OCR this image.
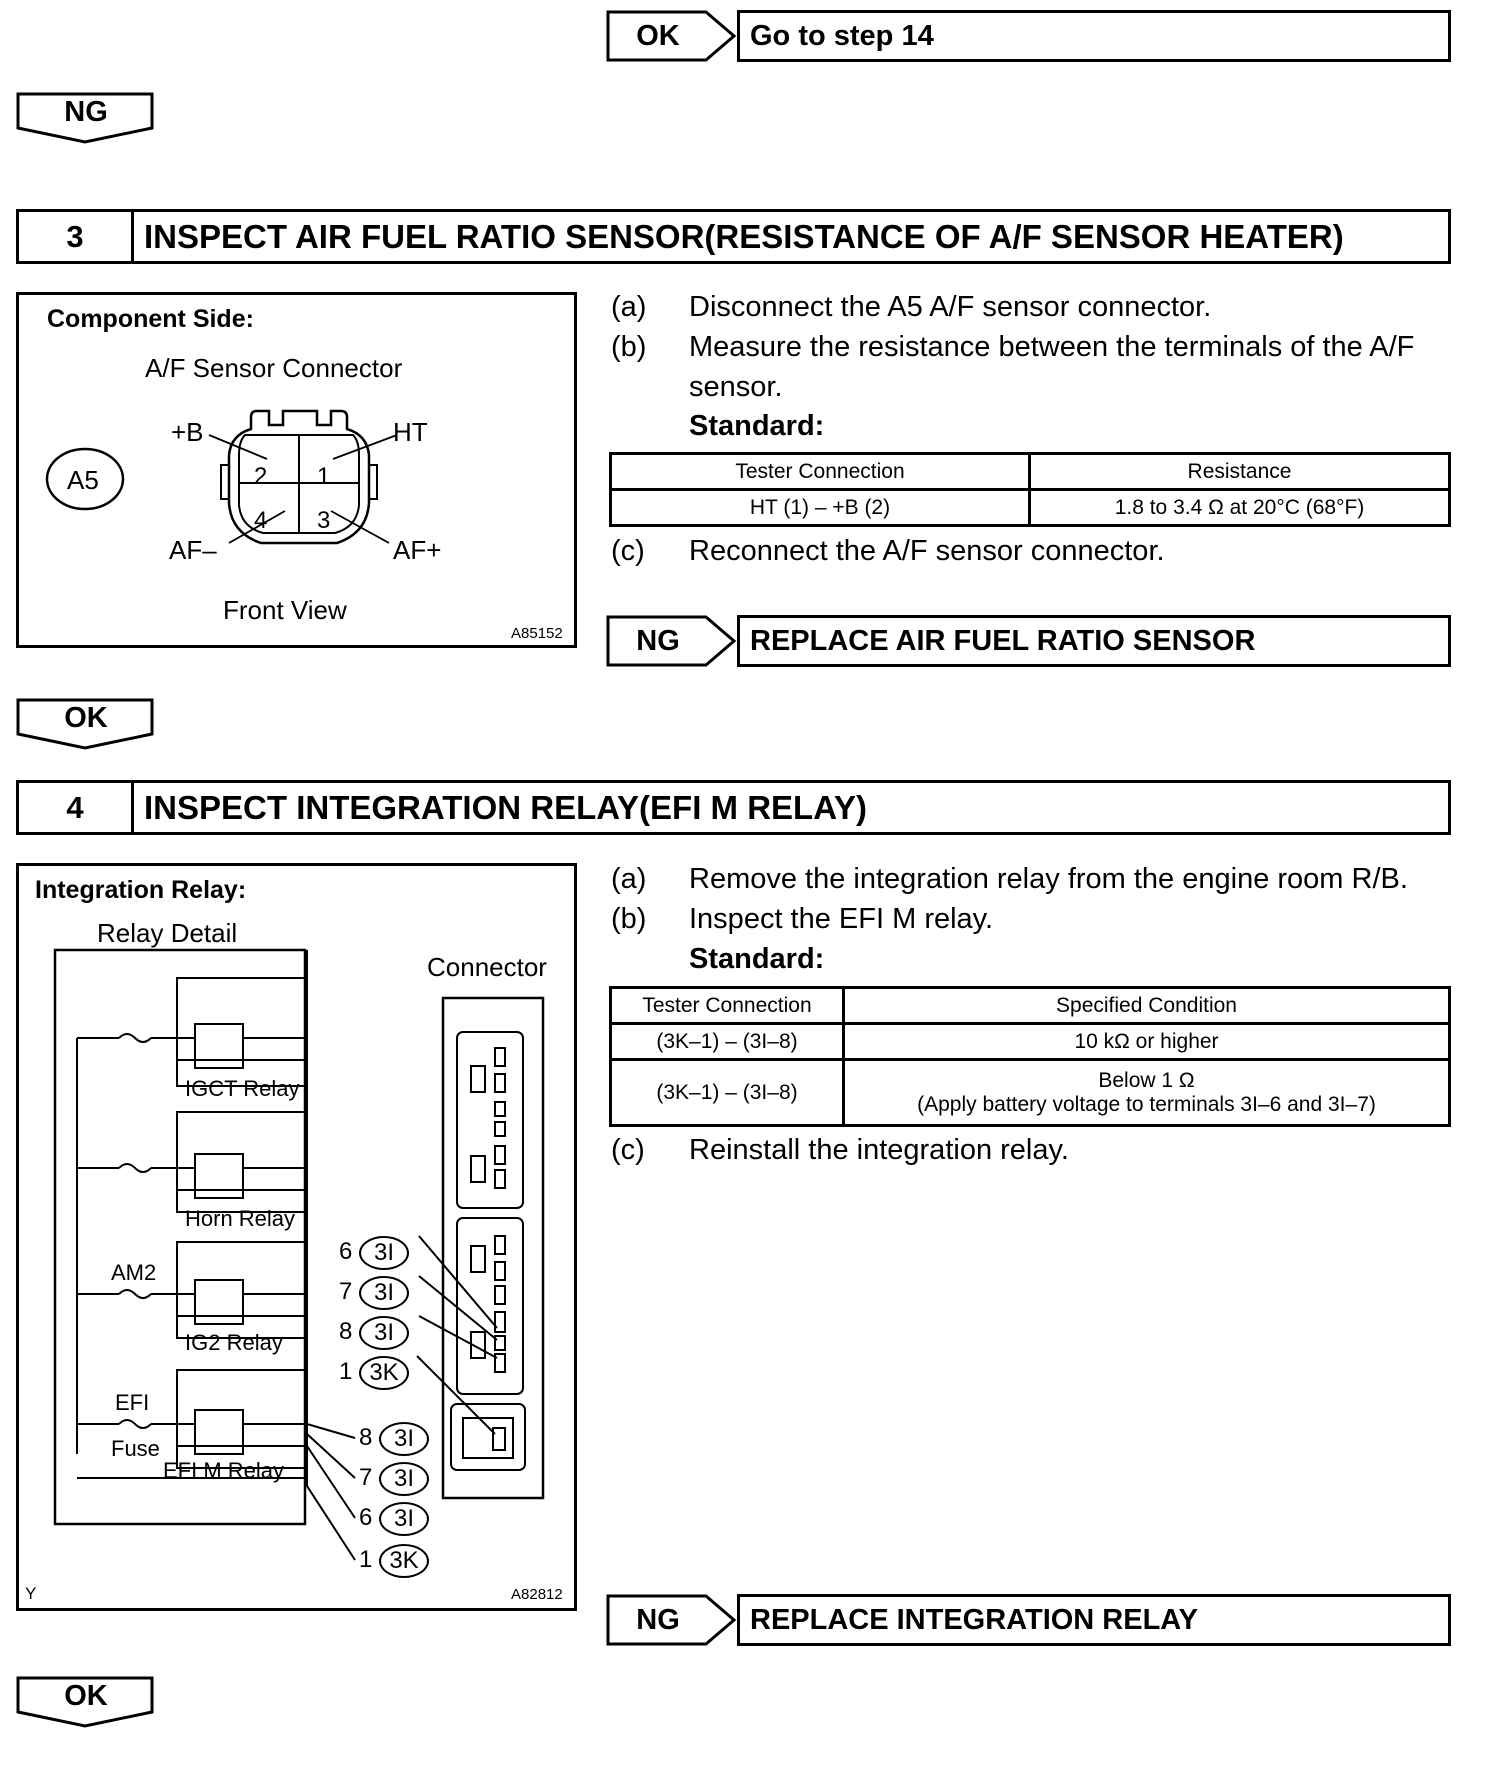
OK	Go to step 14
NG
3	INSPECT AIR FUEL RATIO SENSOR(RESISTANCE OF A/F SENSOR HEATER)
Component Side:
A/F Sensor Connector
A5	2 1
4 3
+B	HT
AF–	AF+
Front View
A85152
(a) Disconnect the A5 A/F sensor connector.
(b) Measure the resistance between the terminals of the A/F
sensor.
Standard:
Tester Connection	Resistance
HT (1) – +B (2)	1.8 to 3.4 Ω at 20°C (68°F)
(c) Reconnect the A/F sensor connector.
NG	REPLACE AIR FUEL RATIO SENSOR
OK
4	INSPECT INTEGRATION RELAY(EFI M RELAY)
Integration Relay:
Relay Detail
Connector
IGCT Relay
Horn Relay
IG2 Relay
EFI M Relay
AM2
EFI
Fuse
6 3I
7 3I
8 3I
1 3K
8 3I
7 3I
6 3I
1 3K
Y	A82812
(a) Remove the integration relay from the engine room R/B.
(b) Inspect the EFI M relay.
Standard:
Tester Connection	Specified Condition
(3K–1) – (3I–8)	10 kΩ or higher
(3K–1) – (3I–8)	Below 1 Ω
(Apply battery voltage to terminals 3I–6 and 3I–7)
(c) Reinstall the integration relay.
NG	REPLACE INTEGRATION RELAY
OK
